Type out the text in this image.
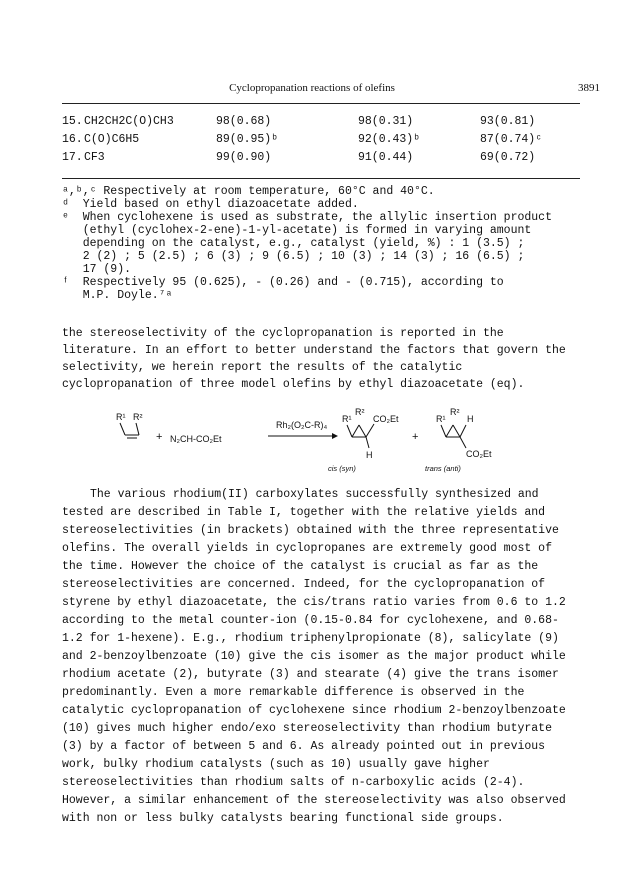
Cyclopropanation reactions of olefins	3891
15. CH2CH2C(O)CH3	98(0.68)	98(0.31)	93(0.81)
16. C(O)C6H5	89(0.95)ᵇ	92(0.43)ᵇ	87(0.74)ᶜ
17. CF3	99(0.90)	91(0.44)	69(0.72)
ᵃ,ᵇ,ᶜ Respectively at room temperature, 60°C and 40°C.
ᵈ  Yield based on ethyl diazoacetate added.
ᵉ  When cyclohexene is used as substrate, the allylic insertion product
(ethyl (cyclohex-2-ene)-1-yl-acetate) is formed in varying amount
depending on the catalyst, e.g., catalyst (yield, %) : 1 (3.5) ;
2 (2) ; 5 (2.5) ; 6 (3) ; 9 (6.5) ; 10 (3) ; 14 (3) ; 16 (6.5) ;
17 (9).
ᶠ  Respectively 95 (0.625), - (0.26) and - (0.715), according to
M.P. Doyle.⁷ᵃ
the stereoselectivity of the cyclopropanation is reported in the
literature. In an effort to better understand the factors that govern the
selectivity, we herein report the results of the catalytic
cyclopropanation of three model olefins by ethyl diazoacetate (eq).
R¹ R²
+ N₂CH-CO₂Et
Rh₂(O₂C-R)₄
R¹
R²
CO₂Et
H
+
R¹
R²
H
CO₂Et
cis (syn)	trans (anti)
The various rhodium(II) carboxylates successfully synthesized and
tested are described in Table I, together with the relative yields and
stereoselectivities (in brackets) obtained with the three representative
olefins. The overall yields in cyclopropanes are extremely good most of
the time. However the choice of the catalyst is crucial as far as the
stereoselectivities are concerned. Indeed, for the cyclopropanation of
styrene by ethyl diazoacetate, the cis/trans ratio varies from 0.6 to 1.2
according to the metal counter-ion (0.15-0.84 for cyclohexene, and 0.68-
1.2 for 1-hexene). E.g., rhodium triphenylpropionate (8), salicylate (9)
and 2-benzoylbenzoate (10) give the cis isomer as the major product while
rhodium acetate (2), butyrate (3) and stearate (4) give the trans isomer
predominantly. Even a more remarkable difference is observed in the
catalytic cyclopropanation of cyclohexene since rhodium 2-benzoylbenzoate
(10) gives much higher endo/exo stereoselectivity than rhodium butyrate
(3) by a factor of between 5 and 6. As already pointed out in previous
work, bulky rhodium catalysts (such as 10) usually gave higher
stereoselectivities than rhodium salts of n-carboxylic acids (2-4).
However, a similar enhancement of the stereoselectivity was also observed
with non or less bulky catalysts bearing functional side groups.
